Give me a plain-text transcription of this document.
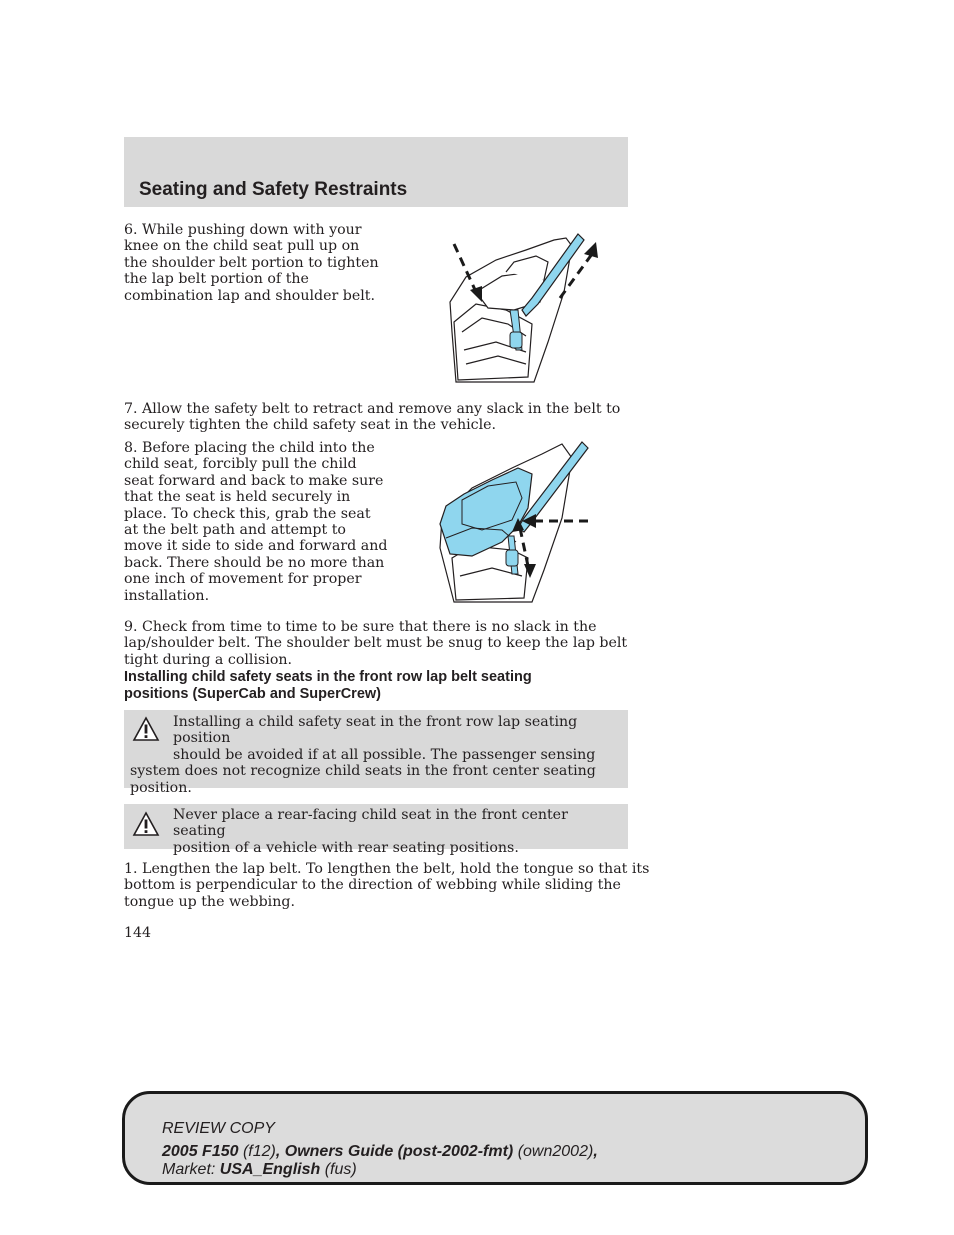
Seating and Safety Restraints
6. While pushing down with your
knee on the child seat pull up on
the shoulder belt portion to tighten
the lap belt portion of the
combination lap and shoulder belt.
7. Allow the safety belt to retract and remove any slack in the belt to
securely tighten the child safety seat in the vehicle.
8. Before placing the child into the
child seat, forcibly pull the child
seat forward and back to make sure
that the seat is held securely in
place. To check this, grab the seat
at the belt path and attempt to
move it side to side and forward and
back. There should be no more than
one inch of movement for proper
installation.
9. Check from time to time to be sure that there is no slack in the
lap/shoulder belt. The shoulder belt must be snug to keep the lap belt
tight during a collision.
Installing child safety seats in the front row lap belt seating
positions (SuperCab and SuperCrew)
Installing a child safety seat in the front row lap seating position
should be avoided if at all possible. The passenger sensing
system does not recognize child seats in the front center seating
position.
Never place a rear-facing child seat in the front center seating
position of a vehicle with rear seating positions.
1. Lengthen the lap belt. To lengthen the belt, hold the tongue so that its
bottom is perpendicular to the direction of webbing while sliding the
tongue up the webbing.
144
REVIEW COPY
2005 F150 (f12), Owners Guide (post-2002-fmt) (own2002),
Market: USA_English (fus)
